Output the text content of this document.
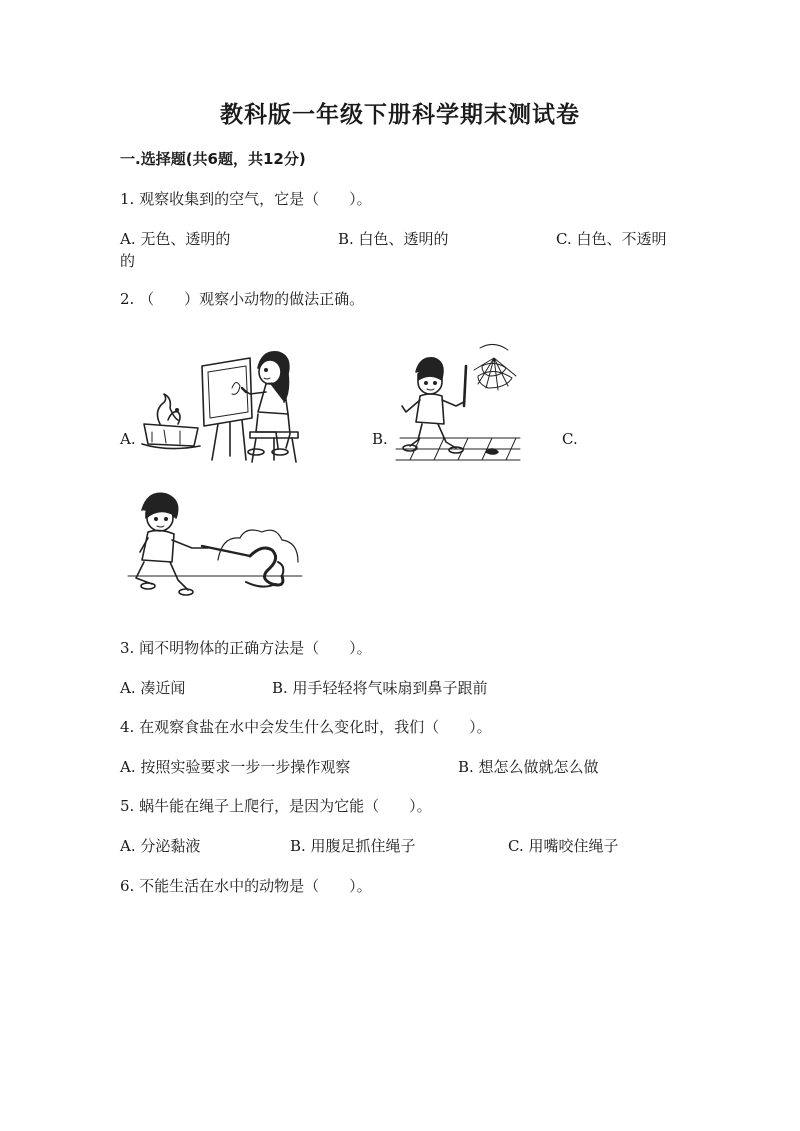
教科版一年级下册科学期末测试卷
一.选择题(共6题，共12分)
1. 观察收集到的空气，它是（　　）。
A. 无色、透明的	B. 白色、透明的	C. 白色、不透明
的
2. （　　）观察小动物的做法正确。
A.	B.	C.
3. 闻不明物体的正确方法是（　　）。
A. 凑近闻	B. 用手轻轻将气味扇到鼻子跟前
4. 在观察食盐在水中会发生什么变化时，我们（　　）。
A. 按照实验要求一步一步操作观察	B. 想怎么做就怎么做
5. 蜗牛能在绳子上爬行，是因为它能（　　）。
A. 分泌黏液	B. 用腹足抓住绳子	C. 用嘴咬住绳子
6. 不能生活在水中的动物是（　　）。
